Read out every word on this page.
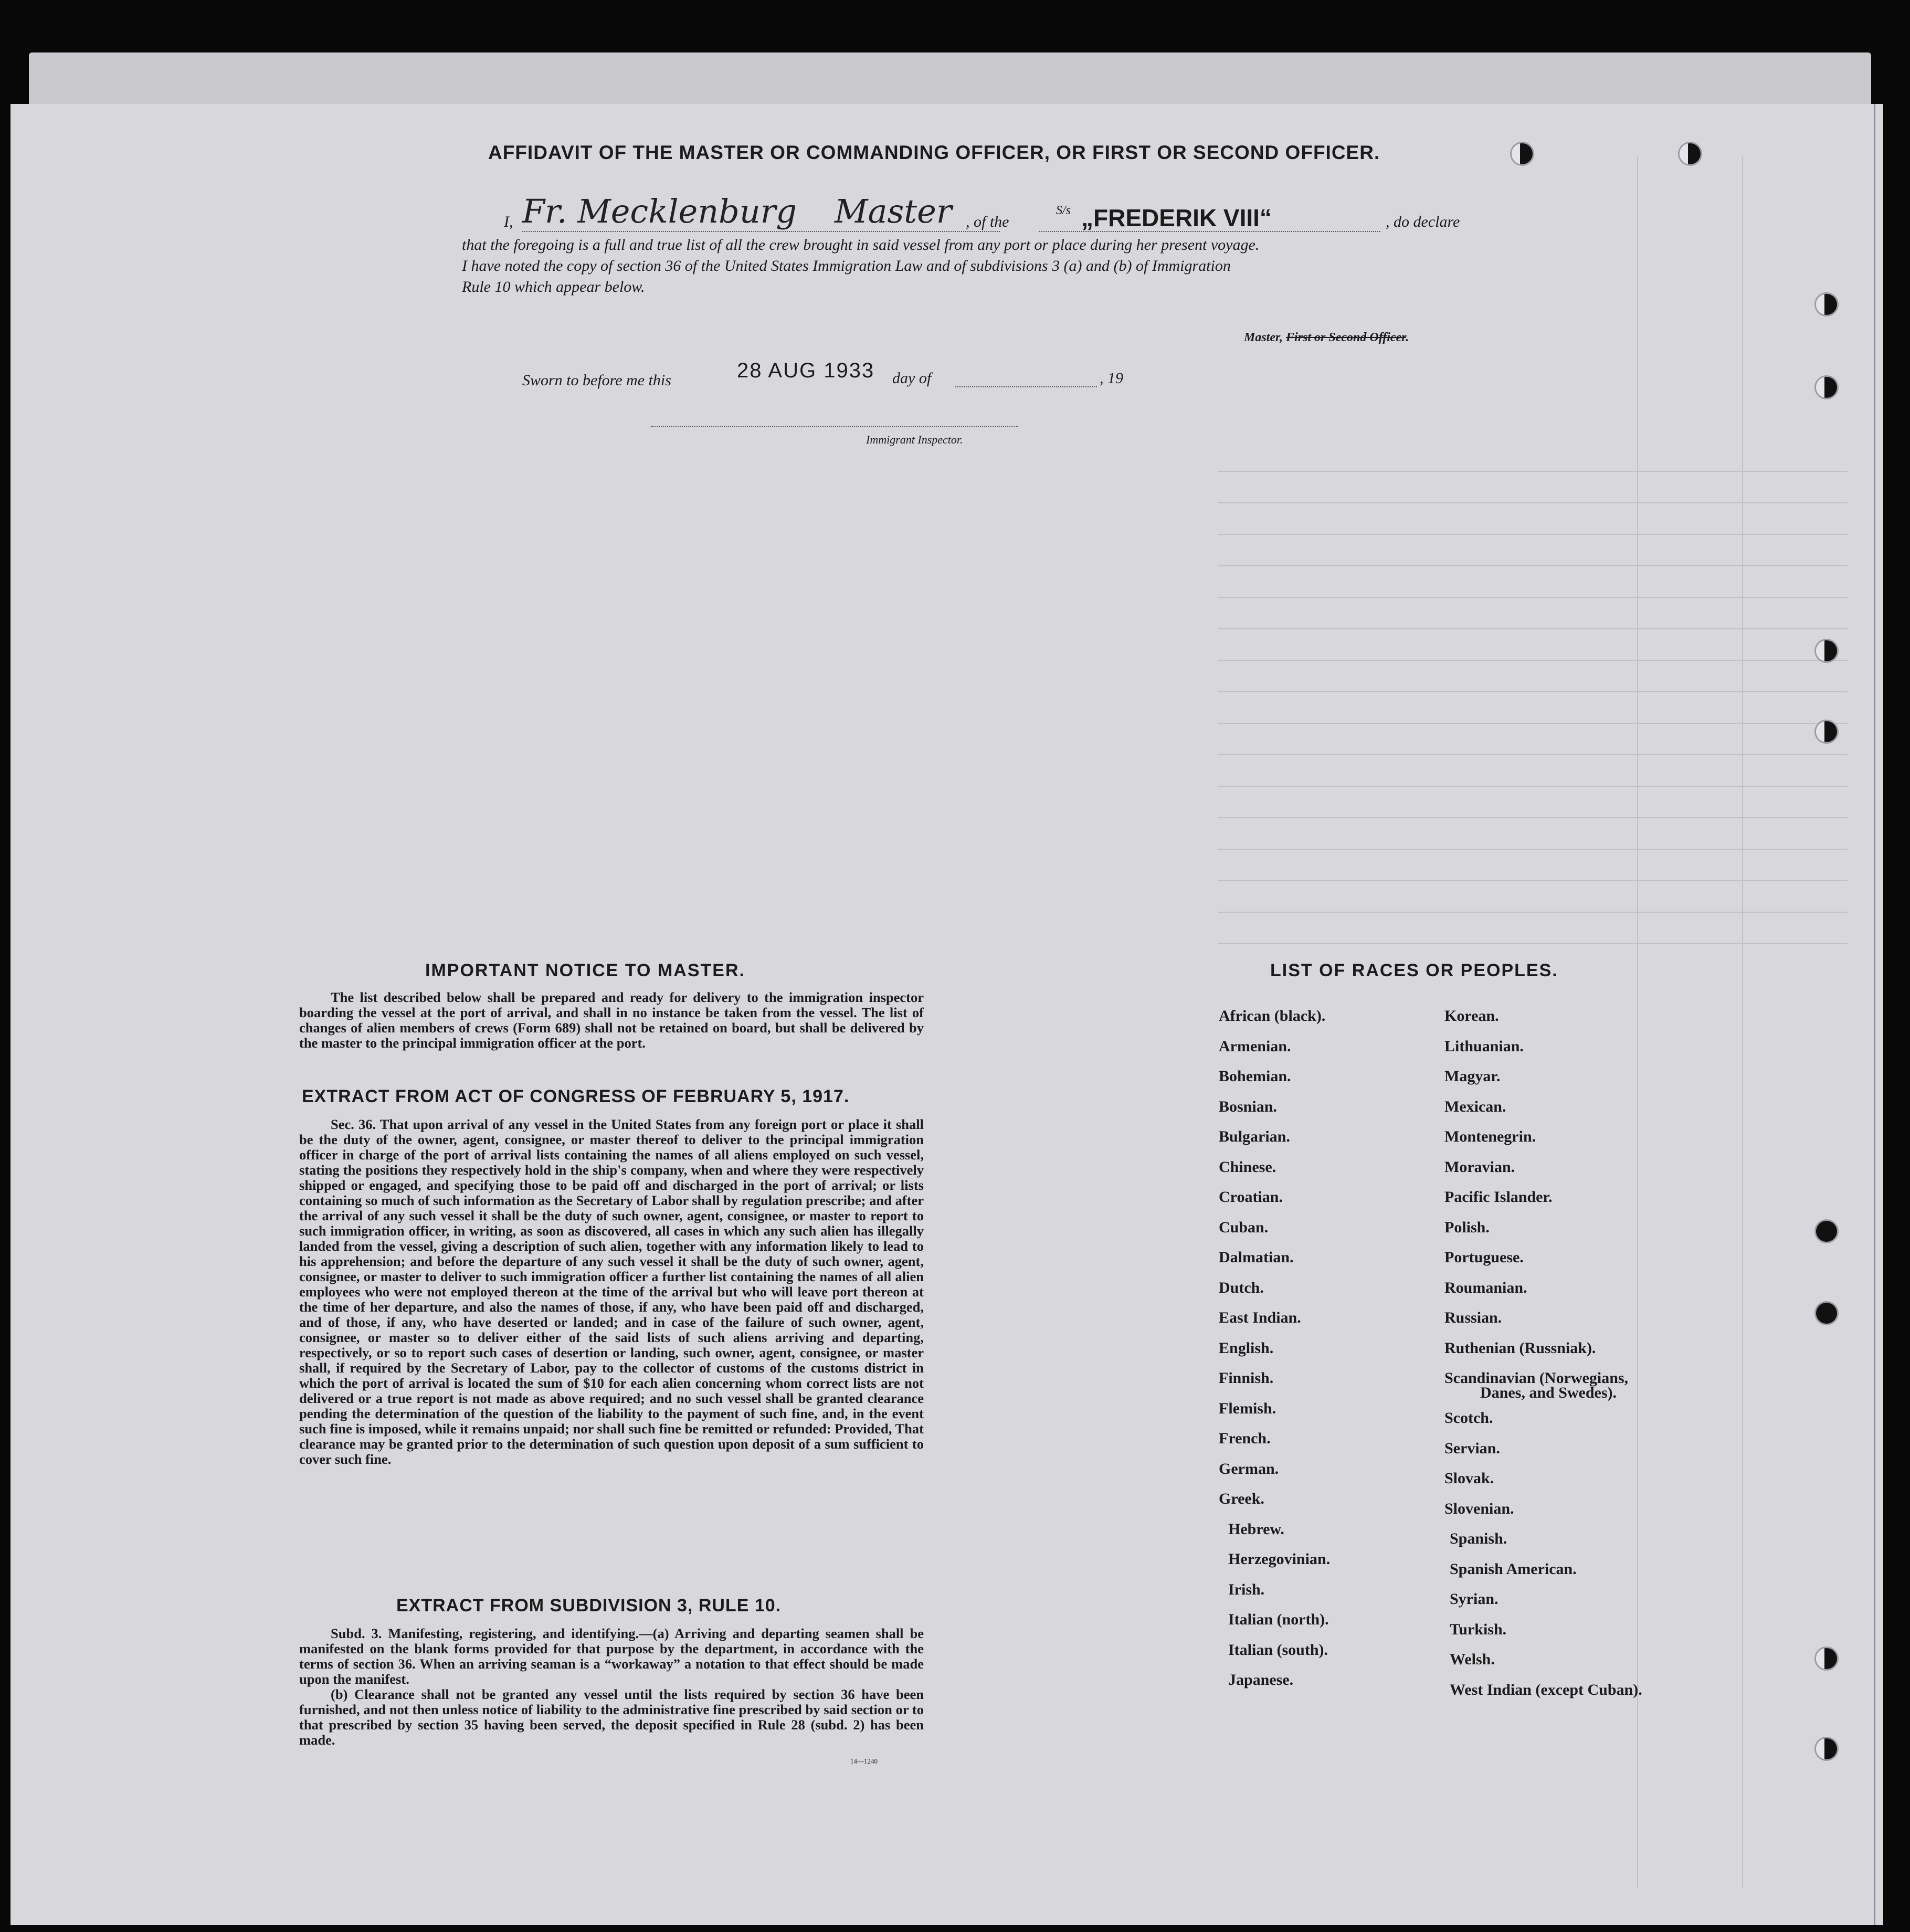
AFFIDAVIT OF THE MASTER OR COMMANDING OFFICER, OR FIRST OR SECOND OFFICER.
I, Fr. Mecklenburg Master , of the
S/s „FREDERIK VIII“	, do declare
that the foregoing is a full and true list of all the crew brought in said vessel from any port or place during her present voyage.
I have noted the copy of section 36 of the United States Immigration Law and of subdivisions 3 (a) and (b) of Immigration
Rule 10 which appear below.
Master, First or Second Officer.
Sworn to before me this	28 AUG 1933 day of	, 19
Immigrant Inspector.
IMPORTANT NOTICE TO MASTER.
The list described below shall be prepared and ready for delivery to the immigration inspector boarding the vessel at the port of arrival, and shall in no instance be taken from the vessel. The list of changes of alien members of crews (Form 689) shall not be retained on board, but shall be delivered by the master to the principal immigration officer at the port.
EXTRACT FROM ACT OF CONGRESS OF FEBRUARY 5, 1917.
Sec. 36. That upon arrival of any vessel in the United States from any foreign port or place it shall be the duty of the owner, agent, consignee, or master thereof to deliver to the principal immigration officer in charge of the port of arrival lists containing the names of all aliens employed on such vessel, stating the positions they respectively hold in the ship's company, when and where they were respectively shipped or engaged, and specifying those to be paid off and discharged in the port of arrival; or lists containing so much of such information as the Secretary of Labor shall by regulation prescribe; and after the arrival of any such vessel it shall be the duty of such owner, agent, consignee, or master to report to such immigration officer, in writing, as soon as discovered, all cases in which any such alien has illegally landed from the vessel, giving a description of such alien, together with any information likely to lead to his apprehension; and before the departure of any such vessel it shall be the duty of such owner, agent, consignee, or master to deliver to such immigration officer a further list containing the names of all alien employees who were not employed thereon at the time of the arrival but who will leave port thereon at the time of her departure, and also the names of those, if any, who have been paid off and discharged, and of those, if any, who have deserted or landed; and in case of the failure of such owner, agent, consignee, or master so to deliver either of the said lists of such aliens arriving and departing, respectively, or so to report such cases of desertion or landing, such owner, agent, consignee, or master shall, if required by the Secretary of Labor, pay to the collector of customs of the customs district in which the port of arrival is located the sum of $10 for each alien concerning whom correct lists are not delivered or a true report is not made as above required; and no such vessel shall be granted clearance pending the determination of the question of the liability to the payment of such fine, and, in the event such fine is imposed, while it remains unpaid; nor shall such fine be remitted or refunded: Provided, That clearance may be granted prior to the determination of such question upon deposit of a sum sufficient to cover such fine.
EXTRACT FROM SUBDIVISION 3, RULE 10.
Subd. 3. Manifesting, registering, and identifying.—(a) Arriving and departing seamen shall be manifested on the blank forms provided for that purpose by the department, in accordance with the terms of section 36. When an arriving seaman is a “workaway” a notation to that effect should be made upon the manifest.
(b) Clearance shall not be granted any vessel until the lists required by section 36 have been furnished, and not then unless notice of liability to the administrative fine prescribed by said section or to that prescribed by section 35 having been served, the deposit specified in Rule 28 (subd. 2) has been made.
14—1240
LIST OF RACES OR PEOPLES.
African (black).
Armenian.
Bohemian.
Bosnian.
Bulgarian.
Chinese.
Croatian.
Cuban.
Dalmatian.
Dutch.
East Indian.
English.
Finnish.
Flemish.
French.
German.
Greek.
Hebrew.
Herzegovinian.
Irish.
Italian (north).
Italian (south).
Japanese.
Korean.
Lithuanian.
Magyar.
Mexican.
Montenegrin.
Moravian.
Pacific Islander.
Polish.
Portuguese.
Roumanian.
Russian.
Ruthenian (Russniak).
Scandinavian (Norwegians,
Danes, and Swedes).
Scotch.
Servian.
Slovak.
Slovenian.
Spanish.
Spanish American.
Syrian.
Turkish.
Welsh.
West Indian (except Cuban).
